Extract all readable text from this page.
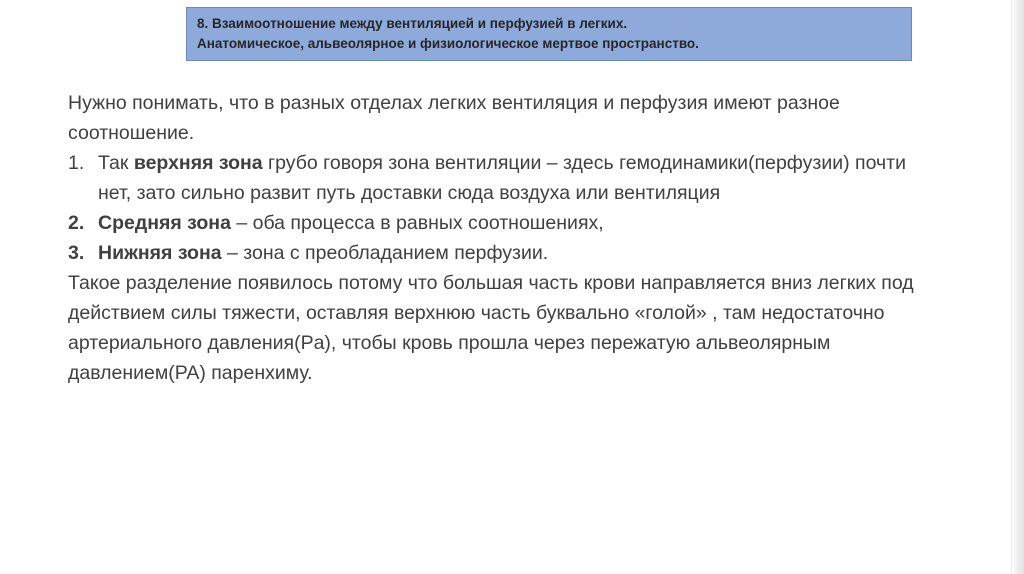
8. Взаимоотношение между вентиляцией и перфузией в легких.
Анатомическое, альвеолярное и физиологическое мертвое пространство.

Нужно понимать, что в разных отделах легких вентиляция и перфузия имеют разное соотношение.

1. Так верхняя зона грубо говоря зона вентиляции – здесь гемодинамики(перфузии) почти нет, зато сильно развит путь доставки сюда воздуха или вентиляция
2. Средняя зона – оба процесса в равных соотношениях,
3. Нижняя зона – зона с преобладанием перфузии.

Такое разделение появилось потому что большая часть крови направляется вниз легких под действием силы тяжести, оставляя верхнюю часть буквально «голой» , там недостаточно артериального давления(Pa), чтобы кровь прошла через пережатую альвеолярным давлением(PA) паренхиму.
